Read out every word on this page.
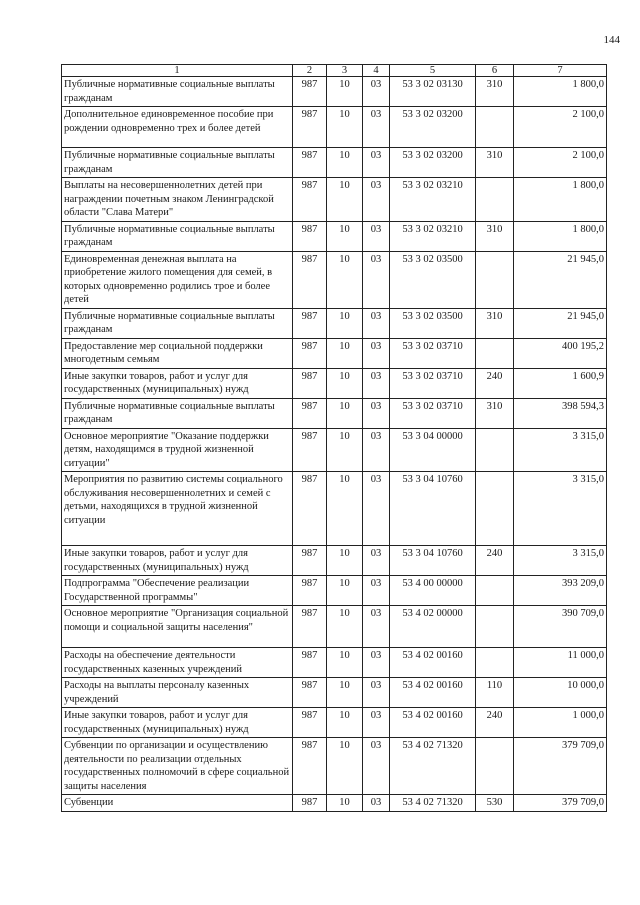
144
1	2	3	4	5	6	7
Публичные нормативные социальные выплаты гражданам	987	10	03	53 3 02 03130	310	1 800,0
Дополнительное единовременное пособие при рождении одновременно трех и более детей	987	10	03	53 3 02 03200		2 100,0
Публичные нормативные социальные выплаты гражданам	987	10	03	53 3 02 03200	310	2 100,0
Выплаты на несовершеннолетних детей при награждении почетным знаком Ленинградской области "Слава Матери"	987	10	03	53 3 02 03210		1 800,0
Публичные нормативные социальные выплаты гражданам	987	10	03	53 3 02 03210	310	1 800,0
Единовременная денежная выплата на приобретение жилого помещения для семей, в которых одновременно родились трое и более детей	987	10	03	53 3 02 03500		21 945,0
Публичные нормативные социальные выплаты гражданам	987	10	03	53 3 02 03500	310	21 945,0
Предоставление мер социальной поддержки многодетным семьям	987	10	03	53 3 02 03710		400 195,2
Иные закупки товаров, работ и услуг для государственных (муниципальных) нужд	987	10	03	53 3 02 03710	240	1 600,9
Публичные нормативные социальные выплаты гражданам	987	10	03	53 3 02 03710	310	398 594,3
Основное мероприятие "Оказание поддержки детям, находящимся в трудной жизненной ситуации"	987	10	03	53 3 04 00000		3 315,0
Мероприятия по развитию системы социального обслуживания несовершеннолетних и семей с детьми, находящихся в трудной жизненной ситуации	987	10	03	53 3 04 10760		3 315,0
Иные закупки товаров, работ и услуг для государственных (муниципальных) нужд	987	10	03	53 3 04 10760	240	3 315,0
Подпрограмма "Обеспечение реализации Государственной программы"	987	10	03	53 4 00 00000		393 209,0
Основное мероприятие "Организация социальной помощи и социальной защиты населения"	987	10	03	53 4 02 00000		390 709,0
Расходы на обеспечение деятельности государственных казенных учреждений	987	10	03	53 4 02 00160		11 000,0
Расходы на выплаты персоналу казенных учреждений	987	10	03	53 4 02 00160	110	10 000,0
Иные закупки товаров, работ и услуг для государственных (муниципальных) нужд	987	10	03	53 4 02 00160	240	1 000,0
Субвенции по организации и осуществлению деятельности по реализации отдельных государственных полномочий в сфере социальной защиты населения	987	10	03	53 4 02 71320		379 709,0
Субвенции	987	10	03	53 4 02 71320	530	379 709,0
